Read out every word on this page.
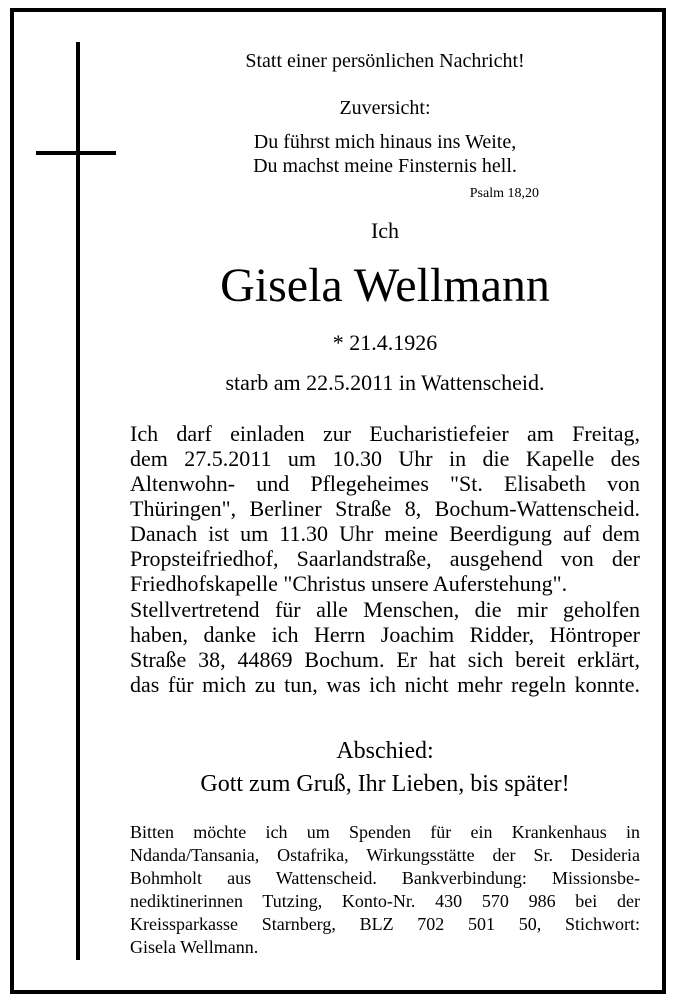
Statt einer persönlichen Nachricht!
Zuversicht:
Du führst mich hinaus ins Weite,
Du machst meine Finsternis hell.
Psalm 18,20
Ich
Gisela Wellmann
* 21.4.1926
starb am 22.5.2011 in Wattenscheid.
Ich darf einladen zur Eucharistiefeier am Freitag,
dem 27.5.2011 um 10.30 Uhr in die Kapelle des
Altenwohn- und Pflegeheimes "St. Elisabeth von
Thüringen", Berliner Straße 8, Bochum-Wattenscheid.
Danach ist um 11.30 Uhr meine Beerdigung auf dem
Propsteifriedhof, Saarlandstraße, ausgehend von der
Friedhofskapelle "Christus unsere Auferstehung".
Stellvertretend für alle Menschen, die mir geholfen
haben, danke ich Herrn Joachim Ridder, Höntroper
Straße 38, 44869 Bochum. Er hat sich bereit erklärt,
das für mich zu tun, was ich nicht mehr regeln konnte.
Abschied:
Gott zum Gruß, Ihr Lieben, bis später!
Bitten möchte ich um Spenden für ein Krankenhaus in
Ndanda/Tansania, Ostafrika, Wirkungsstätte der Sr. Desideria
Bohmholt aus Wattenscheid. Bankverbindung: Missionsbe-
nediktinerinnen Tutzing, Konto-Nr. 430 570 986 bei der
Kreissparkasse Starnberg, BLZ 702 501 50, Stichwort:
Gisela Wellmann.
